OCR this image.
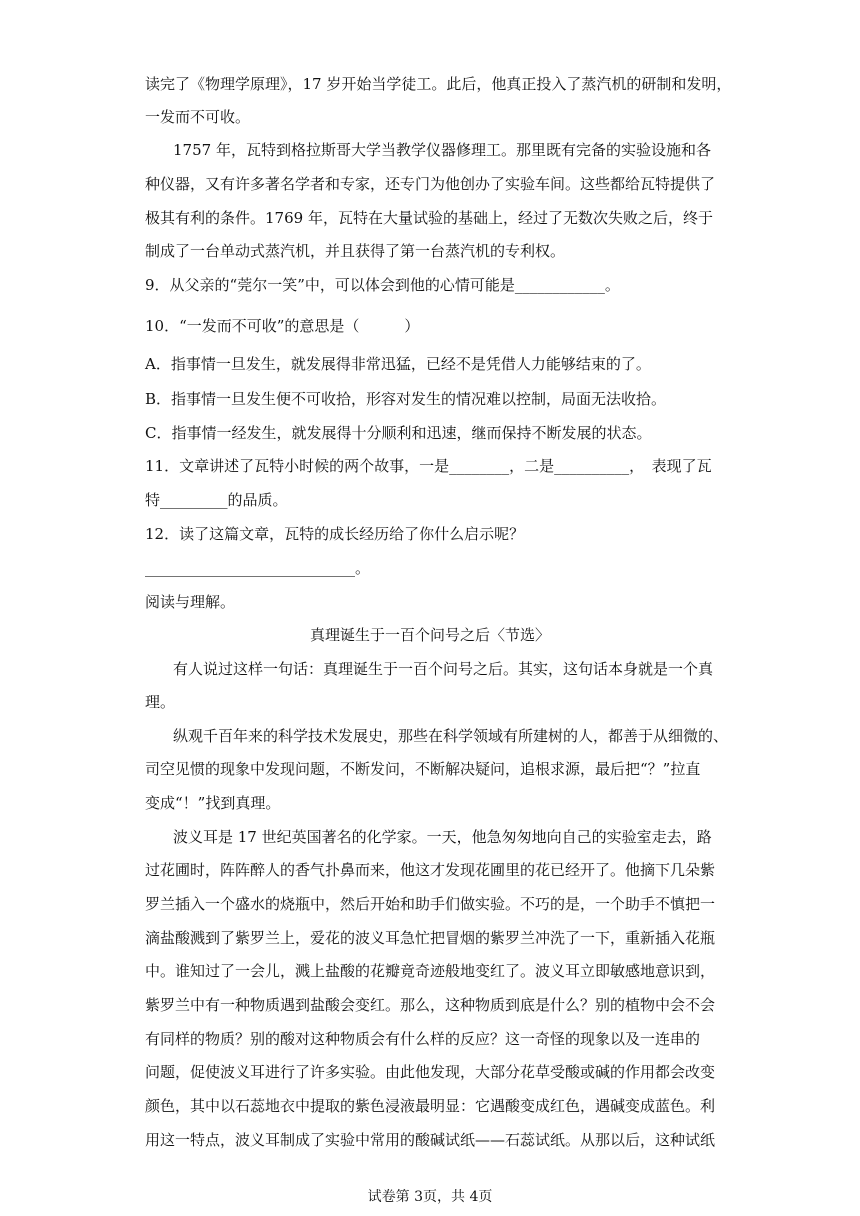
读完了《物理学原理》，17 岁开始当学徒工。此后，他真正投入了蒸汽机的研制和发明，
一发而不可收。
1757 年，瓦特到格拉斯哥大学当教学仪器修理工。那里既有完备的实验设施和各
种仪器，又有许多著名学者和专家，还专门为他创办了实验车间。这些都给瓦特提供了
极其有利的条件。1769 年，瓦特在大量试验的基础上，经过了无数次失败之后，终于
制成了一台单动式蒸汽机，并且获得了第一台蒸汽机的专利权。
9．从父亲的“莞尔一笑”中，可以体会到他的心情可能是____________。
10．“一发而不可收”的意思是（　　　）
A．指事情一旦发生，就发展得非常迅猛，已经不是凭借人力能够结束的了。
B．指事情一旦发生便不可收拾，形容对发生的情况难以控制，局面无法收拾。
C．指事情一经发生，就发展得十分顺利和迅速，继而保持不断发展的状态。
11．文章讲述了瓦特小时候的两个故事，一是________，二是__________，　表现了瓦
特_________的品质。
12．读了这篇文章，瓦特的成长经历给了你什么启示呢？
____________________________。
阅读与理解。
真理诞生于一百个问号之后〈节选〉
有人说过这样一句话：真理诞生于一百个问号之后。其实，这句话本身就是一个真
理。
纵观千百年来的科学技术发展史，那些在科学领域有所建树的人，都善于从细微的、
司空见惯的现象中发现问题，不断发问，不断解决疑问，追根求源，最后把“？”拉直
变成“！”找到真理。
波义耳是 17 世纪英国著名的化学家。一天，他急匆匆地向自己的实验室走去，路
过花圃时，阵阵醉人的香气扑鼻而来，他这才发现花圃里的花已经开了。他摘下几朵紫
罗兰插入一个盛水的烧瓶中，然后开始和助手们做实验。不巧的是，一个助手不慎把一
滴盐酸溅到了紫罗兰上，爱花的波义耳急忙把冒烟的紫罗兰冲洗了一下，重新插入花瓶
中。谁知过了一会儿，溅上盐酸的花瓣竟奇迹般地变红了。波义耳立即敏感地意识到，
紫罗兰中有一种物质遇到盐酸会变红。那么，这种物质到底是什么？别的植物中会不会
有同样的物质？别的酸对这种物质会有什么样的反应？这一奇怪的现象以及一连串的
问题，促使波义耳进行了许多实验。由此他发现，大部分花草受酸或碱的作用都会改变
颜色，其中以石蕊地衣中提取的紫色浸液最明显：它遇酸变成红色，遇碱变成蓝色。利
用这一特点，波义耳制成了实验中常用的酸碱试纸——石蕊试纸。从那以后，这种试纸
试卷第 3页，共 4页
